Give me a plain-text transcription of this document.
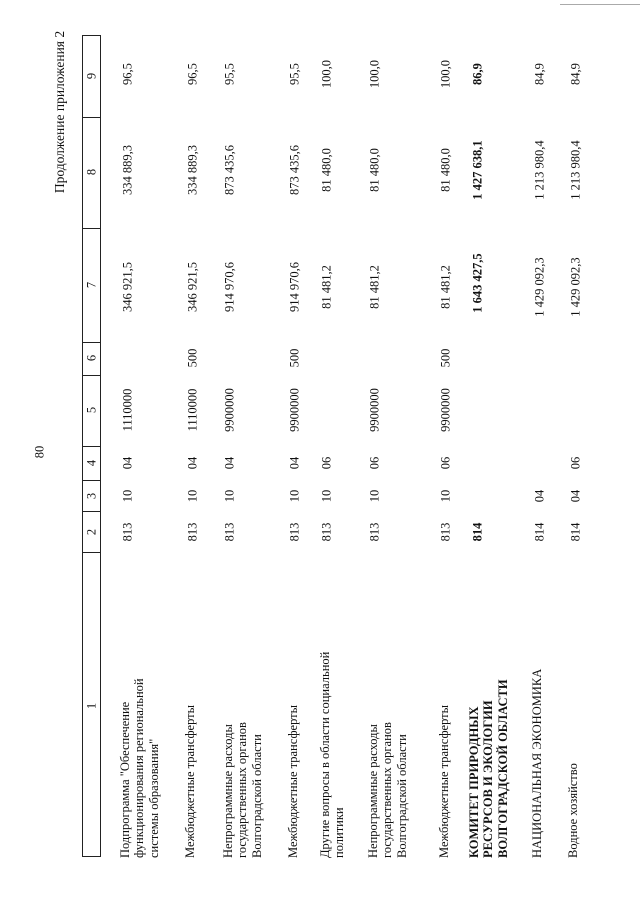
80
Продолжение приложения 2
1
2
3
4
5
6
7
8
9
Подпрограмма "Обеспечение функционирования региональной системы образования"
813
10
04
1110000
346 921,5
334 889,3
96,5
Межбюджетные трансферты
813
10
04
1110000
500
346 921,5
334 889,3
96,5
Непрограммные расходы государственных органов Волгоградской области
813
10
04
9900000
914 970,6
873 435,6
95,5
Межбюджетные трансферты
813
10
04
9900000
500
914 970,6
873 435,6
95,5
Другие вопросы в области социальной политики
813
10
06
81 481,2
81 480,0
100,0
Непрограммные расходы государственных органов Волгоградской области
813
10
06
9900000
81 481,2
81 480,0
100,0
Межбюджетные трансферты
813
10
06
9900000
500
81 481,2
81 480,0
100,0
КОМИТЕТ ПРИРОДНЫХ РЕСУРСОВ И ЭКОЛОГИИ ВОЛГОГРАДСКОЙ ОБЛАСТИ
814
1 643 427,5
1 427 638,1
86,9
НАЦИОНАЛЬНАЯ ЭКОНОМИКА
814
04
1 429 092,3
1 213 980,4
84,9
Водное хозяйство
814
04
06
1 429 092,3
1 213 980,4
84,9
